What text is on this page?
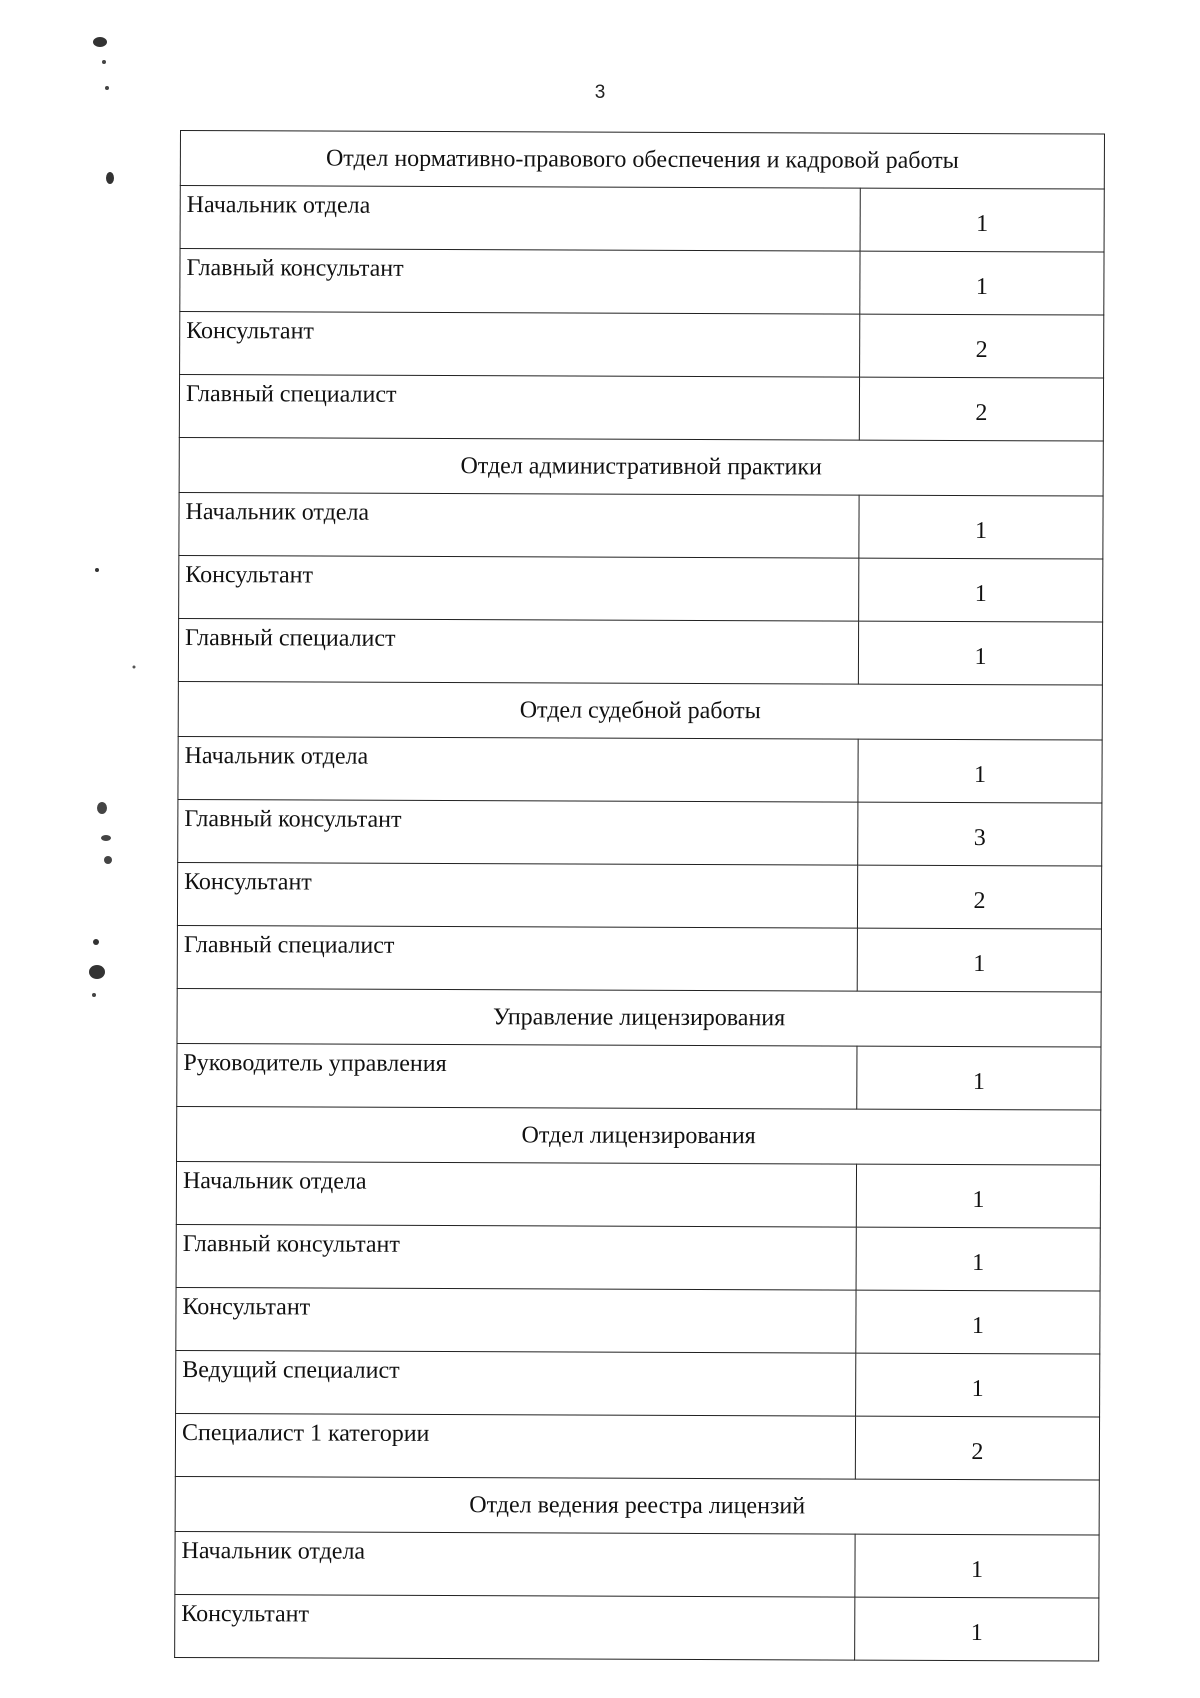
3
Отдел нормативно-правового обеспечения и кадровой работы	
Начальник отдела	1
Главный консультант	1
Консультант	2
Главный специалист	2
Отдел административной практики	
Начальник отдела	1
Консультант	1
Главный специалист	1
Отдел судебной работы	
Начальник отдела	1
Главный консультант	3
Консультант	2
Главный специалист	1
Управление лицензирования	
Руководитель управления	1
Отдел лицензирования	
Начальник отдела	1
Главный консультант	1
Консультант	1
Ведущий специалист	1
Специалист 1 категории	2
Отдел ведения реестра лицензий	
Начальник отдела	1
Консультант	1
